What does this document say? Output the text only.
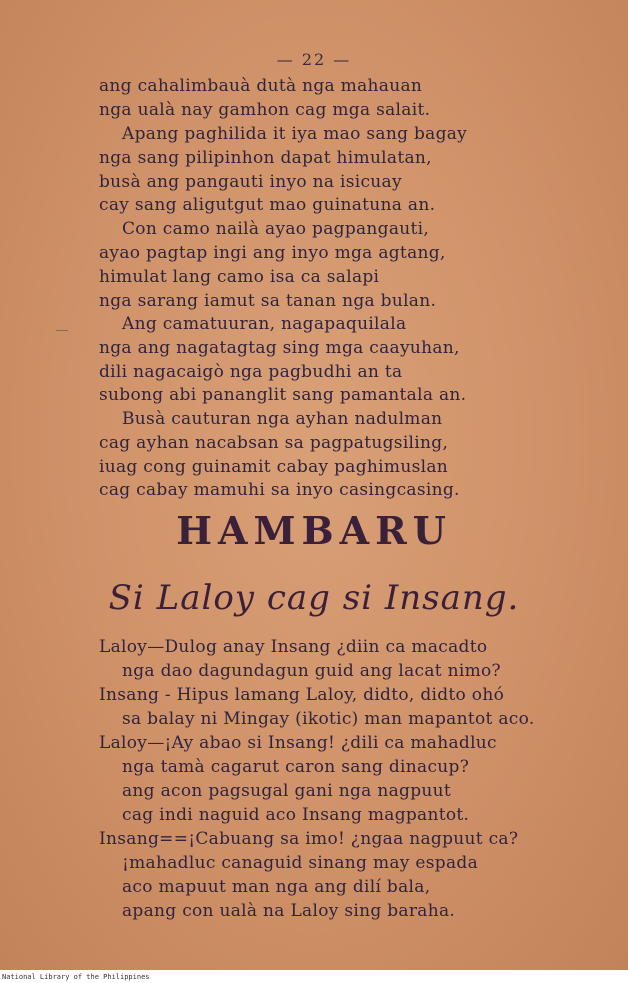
— 22 —
ang cahalimbauà dutà nga mahauan
nga ualà nay gamhon cag mga salait.
Apang paghilida it iya mao sang bagay
nga sang pilipinhon dapat himulatan,
busà ang pangauti inyo na isicuay
cay sang aligutgut mao guinatuna an.
Con camo nailà ayao pagpangauti,
ayao pagtap ingi ang inyo mga agtang,
himulat lang camo isa ca salapi
nga sarang iamut sa tanan nga bulan.
Ang camatuuran, nagapaquilala
nga ang nagatagtag sing mga caayuhan,
dili nagacaigò nga pagbudhi an ta
subong abi pananglit sang pamantala an.
Busà cauturan nga ayhan nadulman
cag ayhan nacabsan sa pagpatugsiling,
iuag cong guinamit cabay paghimuslan
cag cabay mamuhi sa inyo casingcasing.
HAMBARU
Si Laloy cag si Insang.
Laloy—Dulog anay Insang ¿diin ca macadto
nga dao dagundagun guid ang lacat nimo?
Insang - Hipus lamang Laloy, didto, didto ohó
sa balay ni Mingay (ikotic) man mapantot aco.
Laloy—¡Ay abao si Insang! ¿dili ca mahadluc
nga tamà cagarut caron sang dinacup?
ang acon pagsugal gani nga nagpuut
cag indi naguid aco Insang magpantot.
Insang==¡Cabuang sa imo! ¿ngaa nagpuut ca?
¡mahadluc canaguid sinang may espada
aco mapuut man nga ang dilí bala,
apang con ualà na Laloy sing baraha.
National Library of the Philippines
